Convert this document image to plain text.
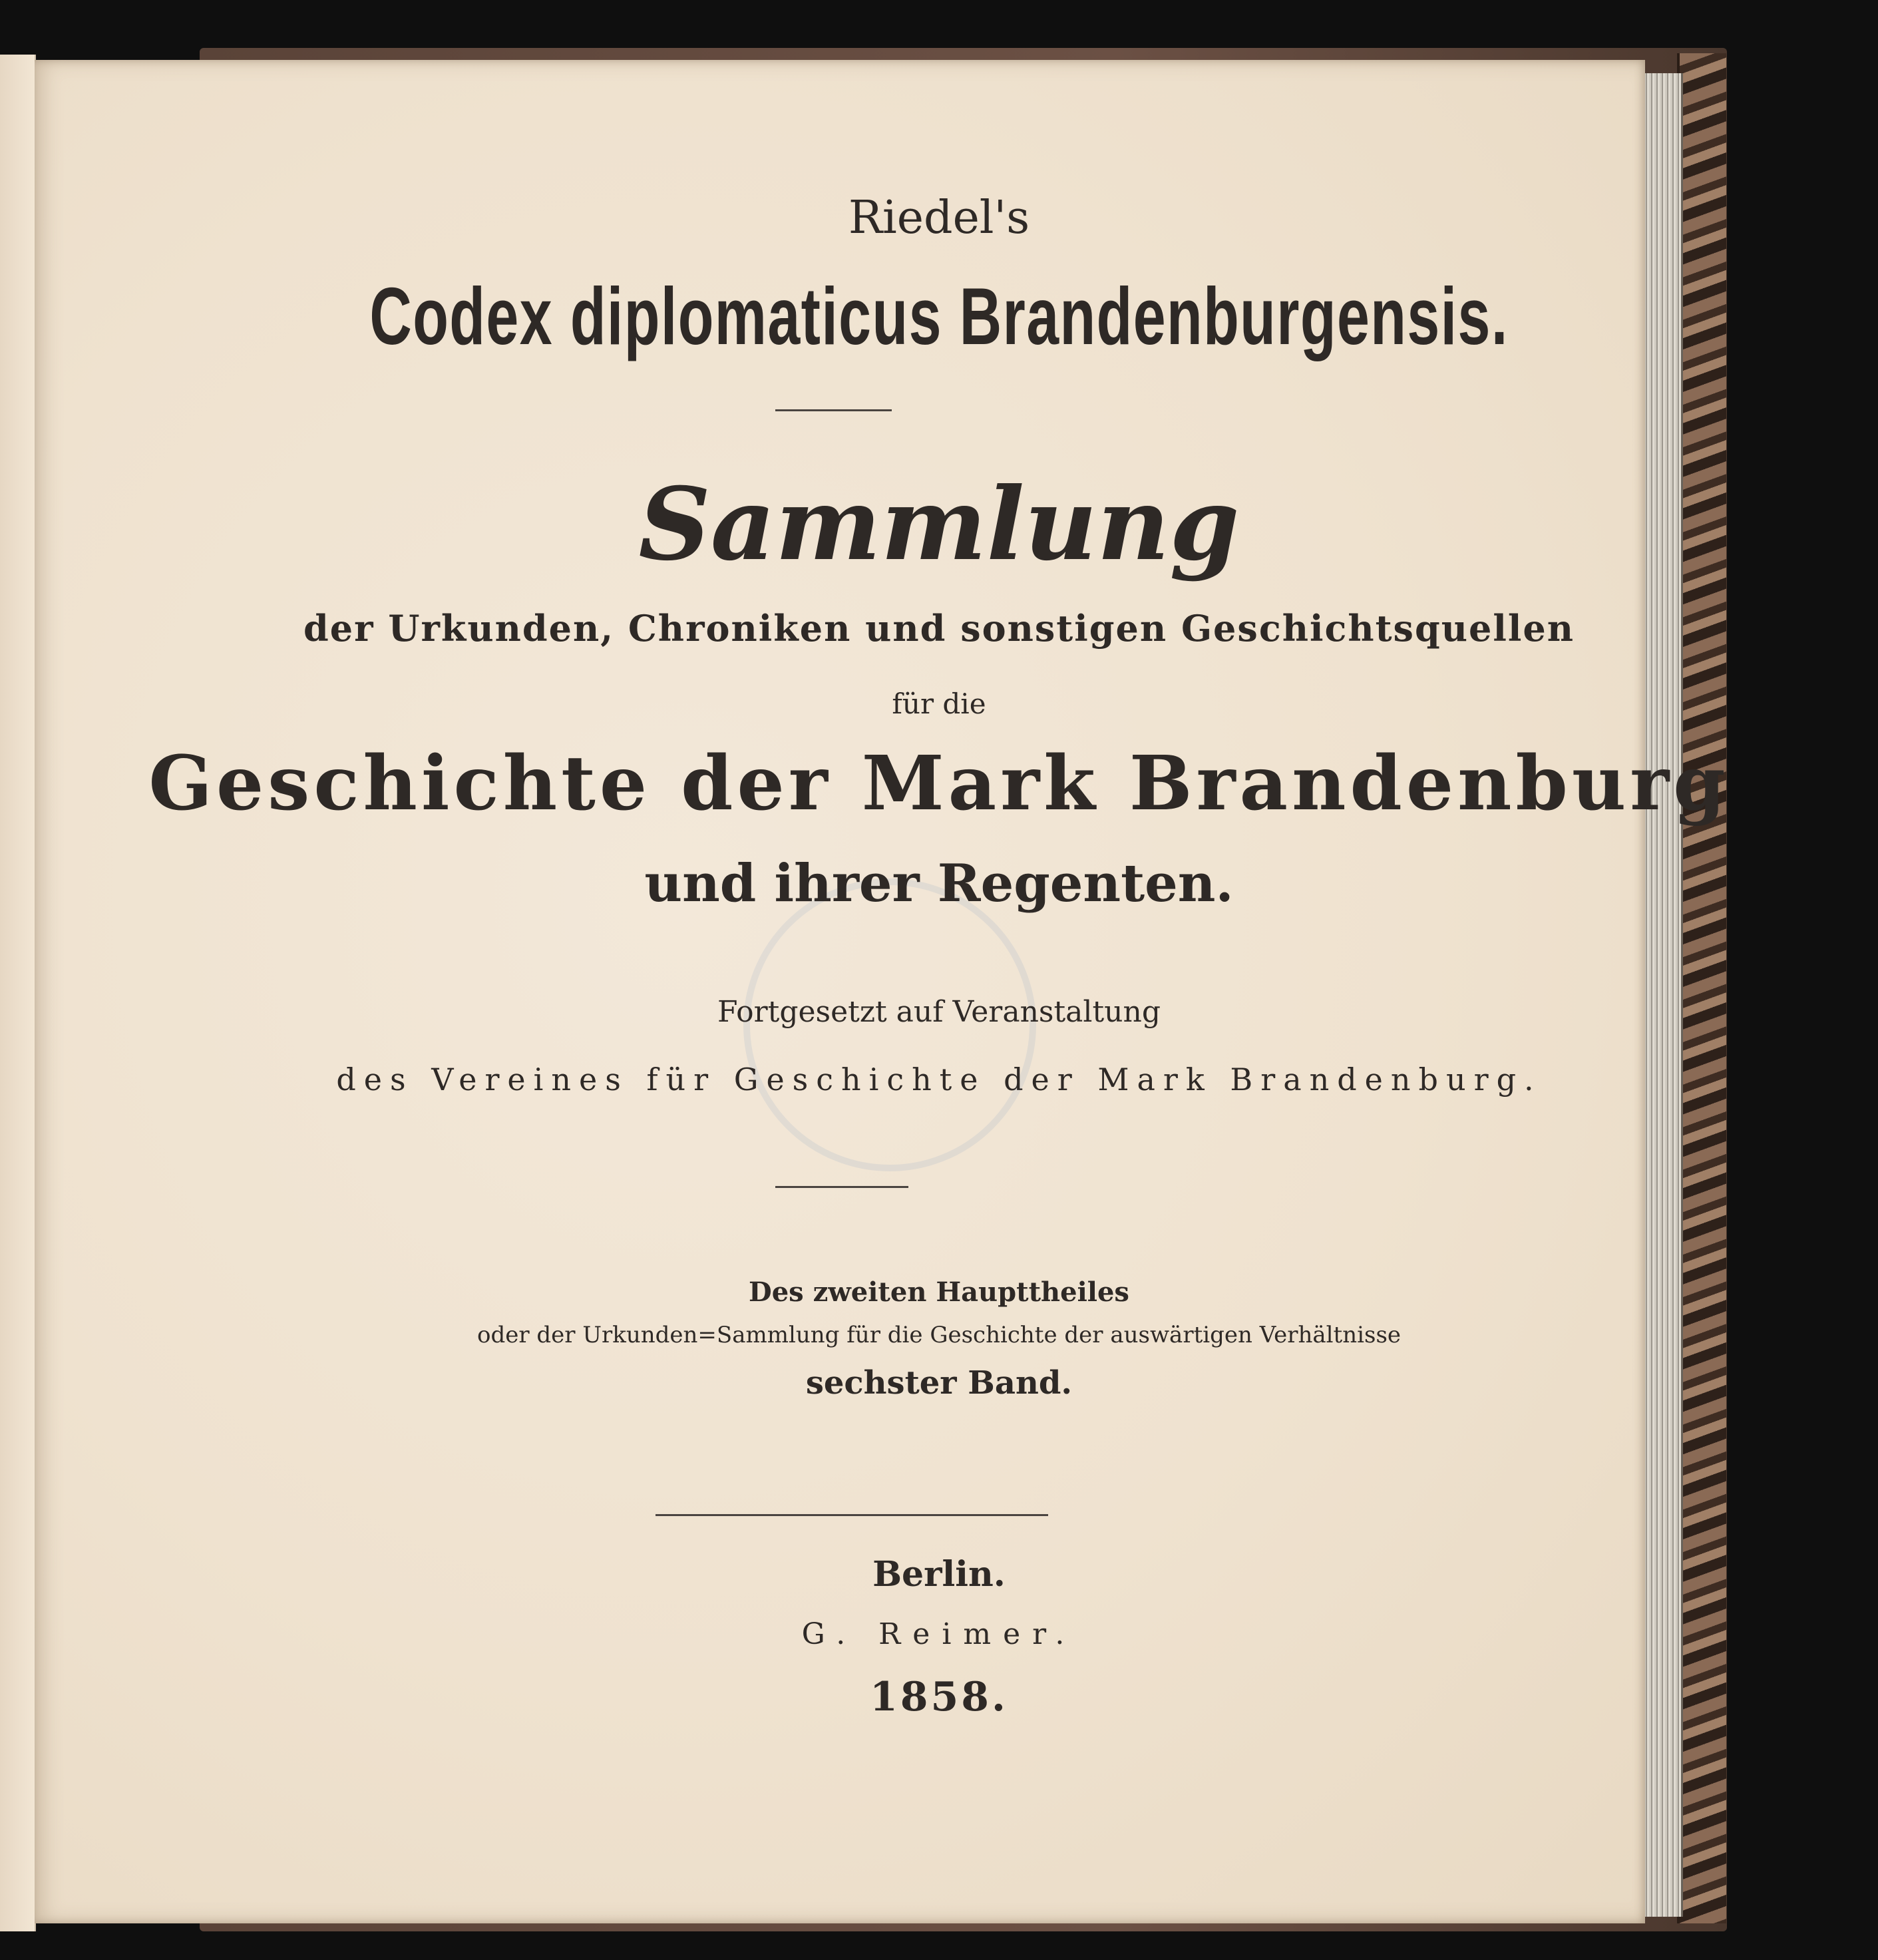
Riedel's
Codex diplomaticus Brandenburgensis.
Sammlung
der Urkunden, Chroniken und sonstigen Geschichtsquellen
für die
Geschichte der Mark Brandenburg
und ihrer Regenten.
Fortgesetzt auf Veranstaltung
des Vereines für Geschichte der Mark Brandenburg.
Des zweiten Haupttheiles
oder der Urkunden=Sammlung für die Geschichte der auswärtigen Verhältnisse
sechster Band.
Berlin.
G. Reimer.
1858.
